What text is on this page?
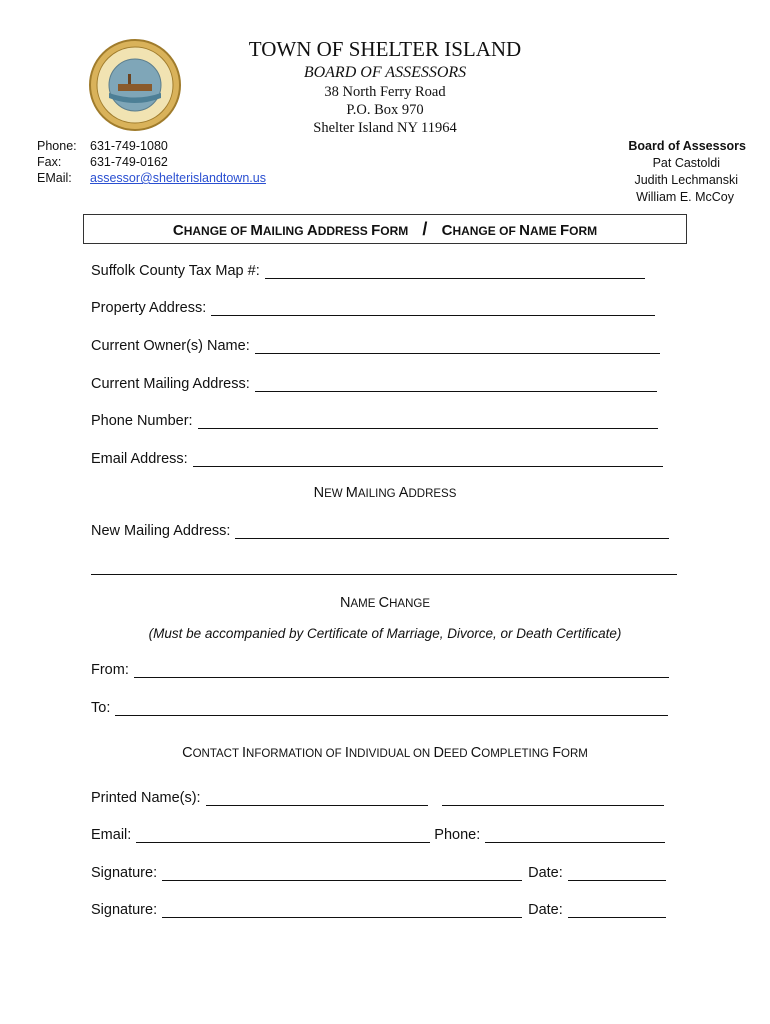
TOWN OF SHELTER ISLAND
BOARD OF ASSESSORS
38 North Ferry Road
P.O. Box 970
Shelter Island NY 11964
Phone: 631-749-1080
Fax: 631-749-0162
EMail: assessor@shelterislandtown.us
Board of Assessors
Pat Castoldi
Judith Lechmanski
William E. McCoy
CHANGE OF MAILING ADDRESS FORM / CHANGE OF NAME FORM
Suffolk County Tax Map #:
Property Address:
Current Owner(s) Name:
Current Mailing Address:
Phone Number:
Email Address:
NEW MAILING ADDRESS
New Mailing Address:
NAME CHANGE
(Must be accompanied by Certificate of Marriage, Divorce, or Death Certificate)
From:
To:
CONTACT INFORMATION OF INDIVIDUAL ON DEED COMPLETING FORM
Printed Name(s):
Email:	Phone:
Signature:	Date:
Signature:	Date:
